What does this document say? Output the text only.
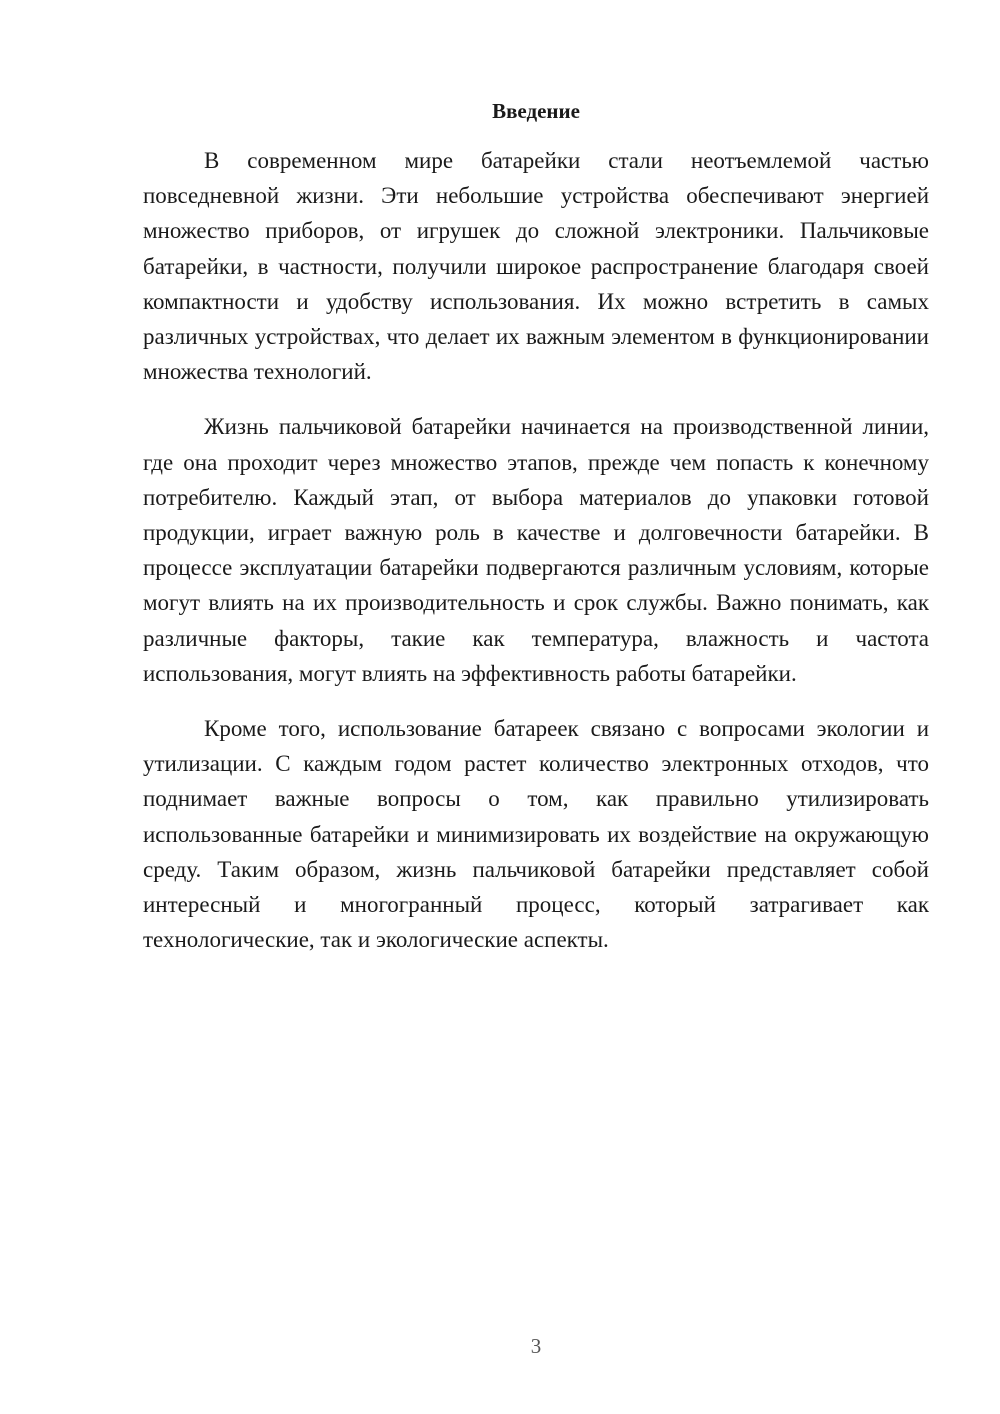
Введение

В современном мире батарейки стали неотъемлемой частью повседневной жизни. Эти небольшие устройства обеспечивают энергией множество приборов, от игрушек до сложной электроники. Пальчиковые батарейки, в частности, получили широкое распространение благодаря своей компактности и удобству использования. Их можно встретить в самых различных устройствах, что делает их важным элементом в функционировании множества технологий.

Жизнь пальчиковой батарейки начинается на производственной линии, где она проходит через множество этапов, прежде чем попасть к конечному потребителю. Каждый этап, от выбора материалов до упаковки готовой продукции, играет важную роль в качестве и долговечности батарейки. В процессе эксплуатации батарейки подвергаются различным условиям, которые могут влиять на их производительность и срок службы. Важно понимать, как различные факторы, такие как температура, влажность и частота использования, могут влиять на эффективность работы батарейки.

Кроме того, использование батареек связано с вопросами экологии и утилизации. С каждым годом растет количество электронных отходов, что поднимает важные вопросы о том, как правильно утилизировать использованные батарейки и минимизировать их воздействие на окружающую среду. Таким образом, жизнь пальчиковой батарейки представляет собой интересный и многогранный процесс, который затрагивает как технологические, так и экологические аспекты.

3
